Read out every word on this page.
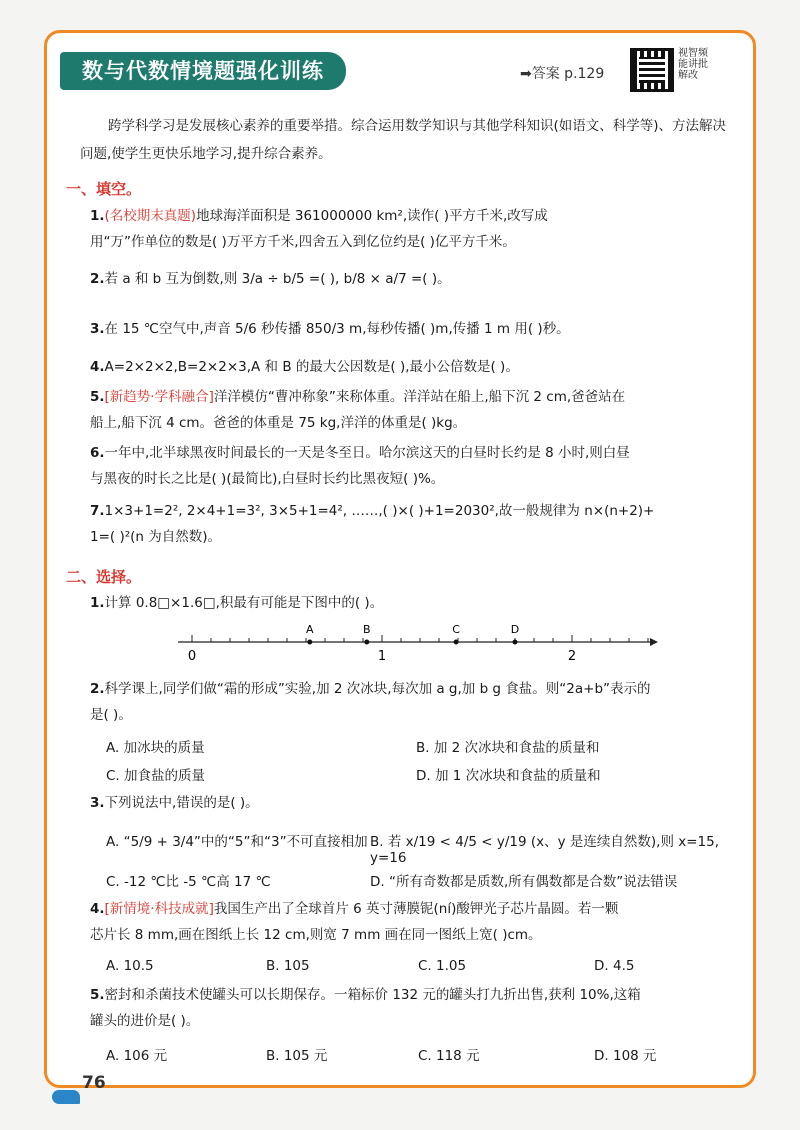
数与代数情境题强化训练	➡答案 p.129
视智频能讲批解改
跨学科学习是发展核心素养的重要举措。综合运用数学知识与其他学科知识(如语文、科学等)、方法解决问题,使学生更快乐地学习,提升综合素养。
一、填空。
1.(名校期末真题)地球海洋面积是 361000000 km²,读作( )平方千米,改写成
用“万”作单位的数是( )万平方千米,四舍五入到亿位约是( )亿平方千米。
2.若 a 和 b 互为倒数,则 3/a ÷ b/5 =( ), b/8 × a/7 =( )。
3.在 15 ℃空气中,声音 5/6 秒传播 850/3 m,每秒传播( )m,传播 1 m 用( )秒。
4.A=2×2×2,B=2×2×3,A 和 B 的最大公因数是( ),最小公倍数是( )。
5.[新趋势·学科融合]洋洋模仿“曹冲称象”来称体重。洋洋站在船上,船下沉 2 cm,爸爸站在
船上,船下沉 4 cm。爸爸的体重是 75 kg,洋洋的体重是( )kg。
6.一年中,北半球黑夜时间最长的一天是冬至日。哈尔滨这天的白昼时长约是 8 小时,则白昼
与黑夜的时长之比是( )(最简比),白昼时长约比黑夜短( )%。
7.1×3+1=2², 2×4+1=3², 3×5+1=4², ……,( )×( )+1=2030²,故一般规律为 n×(n+2)+
1=( )²(n 为自然数)。
二、选择。
1.计算 0.8□×1.6□,积最有可能是下图中的( )。
0	1	2
A	B	C	D
2.科学课上,同学们做“霜的形成”实验,加 2 次冰块,每次加 a g,加 b g 食盐。则“2a+b”表示的
是( )。
A. 加冰块的质量	B. 加 2 次冰块和食盐的质量和
C. 加食盐的质量	D. 加 1 次冰块和食盐的质量和
3.下列说法中,错误的是( )。
A. “5/9 + 3/4”中的“5”和“3”不可直接相加 B. 若 x/19 < 4/5 < y/19 (x、y 是连续自然数),则 x=15, y=16
C. -12 ℃比 -5 ℃高 17 ℃	D. “所有奇数都是质数,所有偶数都是合数”说法错误
4.[新情境·科技成就]我国生产出了全球首片 6 英寸薄膜铌(ní)酸钾光子芯片晶圆。若一颗
芯片长 8 mm,画在图纸上长 12 cm,则宽 7 mm 画在同一图纸上宽( )cm。
A. 10.5	B. 105	C. 1.05	D. 4.5
5.密封和杀菌技术使罐头可以长期保存。一箱标价 132 元的罐头打九折出售,获利 10%,这箱
罐头的进价是( )。
A. 106 元	B. 105 元	C. 118 元	D. 108 元
76
